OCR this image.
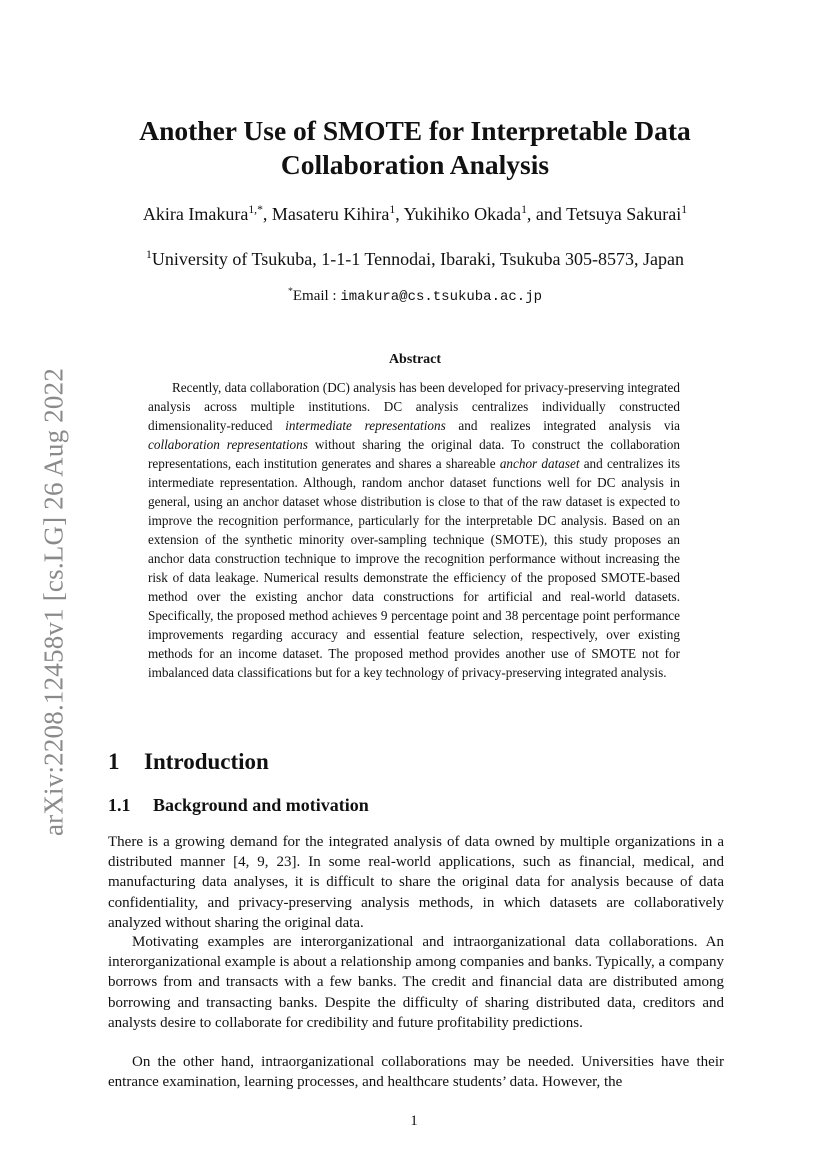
arXiv:2208.12458v1 [cs.LG] 26 Aug 2022
Another Use of SMOTE for Interpretable Data Collaboration Analysis
Akira Imakura$^{1,*}$, Masateru Kihira$^1$, Yukihiko Okada$^1$, and Tetsuya Sakurai$^1$
$^1$University of Tsukuba, 1-1-1 Tennodai, Ibaraki, Tsukuba 305-8573, Japan
*Email : imakura@cs.tsukuba.ac.jp
Abstract

Recently, data collaboration (DC) analysis has been developed for privacy-preserving integrated analysis across multiple institutions. DC analysis centralizes individually constructed dimensionality-reduced intermediate representations and realizes integrated analysis via collaboration representations without sharing the original data. To construct the collaboration representations, each institution generates and shares a shareable anchor dataset and centralizes its intermediate representation. Although, random anchor dataset functions well for DC analysis in general, using an anchor dataset whose distribution is close to that of the raw dataset is expected to improve the recognition performance, particularly for the interpretable DC analysis. Based on an extension of the synthetic minority over-sampling technique (SMOTE), this study proposes an anchor data construction technique to improve the recognition performance without increasing the risk of data leakage. Numerical results demonstrate the efficiency of the proposed SMOTE-based method over the existing anchor data constructions for artificial and real-world datasets. Specifically, the proposed method achieves 9 percentage point and 38 percentage point performance improvements regarding accuracy and essential feature selection, respectively, over existing methods for an income dataset. The proposed method provides another use of SMOTE not for imbalanced data classifications but for a key technology of privacy-preserving integrated analysis.

1 Introduction
1.1 Background and motivation

There is a growing demand for the integrated analysis of data owned by multiple organizations in a distributed manner [4, 9, 23]. In some real-world applications, such as financial, medical, and manufacturing data analyses, it is difficult to share the original data for analysis because of data confidentiality, and privacy-preserving analysis methods, in which datasets are collaboratively analyzed without sharing the original data.

Motivating examples are interorganizational and intraorganizational data collaborations. An interorganizational example is about a relationship among companies and banks. Typically, a company borrows from and transacts with a few banks. The credit and financial data are distributed among borrowing and transacting banks. Despite the difficulty of sharing distributed data, creditors and analysts desire to collaborate for credibility and future profitability predictions.

On the other hand, intraorganizational collaborations may be needed. Universities have their entrance examination, learning processes, and healthcare students’ data. However, the

1
